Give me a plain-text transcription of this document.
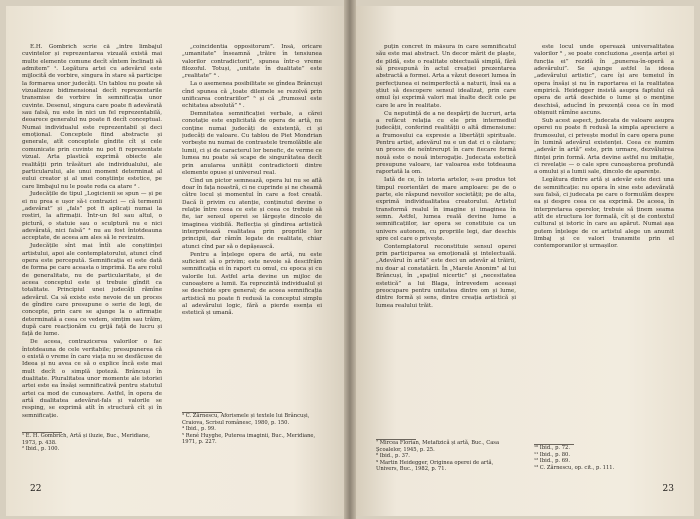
E.H. Gombrich scrie că „între limbajul cuvintelor și reprezentarea vizuală există mai multe elemente comune decît sîntem înclinați să admitem” ¹. Legătura artei cu adevărul este mijlocită de vorbire, singura în stare să participe la formarea unor judecăți. Un tablou nu poate să vizualizeze bidimensional decît reprezentarile transmise de vorbire în semnificația unor cuvinte. Desenul, singura care poate fi adevărată sau falsă, nu este în nici un fel reprezentabilă, deoarece generalul nu poate fi decît conceptual. Numai individualul este reprezentabil și deci emoțional. Conceptele fiind abstracte și generale, atît conceptele gîndite cît și cele comunicate prin cuvinte nu pot fi reprezentate vizual. Arta plastică exprimă obiecte ale realității prin trăsături ale individualului, ale particularului, ale unui moment determinat al eului creator și al unei conștiințe estetice, pe care limbajul nu le poate reda ca atare ² .

Judecățile de tipul „Logicienii se spun — și pe ei nu prea e ușor să-i contrazici — că termenii „adevărat” și „fals” pot fi aplicați numai la rostiri, la afirmații. Într-un fel sau altul, o pictură, o statuie sau o sculptură nu e nici adevărată, nici falsă” ³ nu au fost întotdeauna acceptate, de aceea am ales să le revizuim.

Judecățile sînt mai întîi ale conștiinței artistului, apoi ale contemplatorului, atunci cînd opera este percepută. Semnificația ei este dată de forma pe care aceasta o imprimă. Ea are rolul de generalitate, nu de particularitate, și de aceea conceptul este și trebuie gîndit ca totalitate. Principiul unei judecăți rămîne adevărul. Ca să existe este nevoie de un proces de gîndire care presupune o serie de legi, de concepte, prin care se ajunge la o afirmație determinată a ceea ce vedem, simțim sau trăim, după care reacționăm cu grijă față de lucru și față de lume.

De aceea, contrazicerea valorilor o fac întotdeauna de cele veritabile; presupunerea că o există o vreme în care viața nu se desfăcuse de Ideea și nu avea ce să o explice încă este mai mult decît o simplă ipoteză. Brâncuși în dualitate. Pluralitatea unor momente ale istoriei artei este ea însăși semnificativă pentru statutul artei ca mod de cunoaștere. Astfel, în opera de artă dualitatea adevărat-fals și valorile se resping, se exprimă atît în structură cît și în semnificație.

¹ E. H. Gombrich, Artă și iluzie, Buc., Meridiane, 1973, p. 438.
² Ibid., p. 100.

„coincidentia oppositorum”. Însă, oricare „umanitate” înseamnă „trăire în tensiunea valorilor contradictorii”, spunea într-o vreme filozoful. Totuși, „unitate în dualitate” este „realitate” ⁴ .

La o asemenea posibilitate se gîndea Brâncuși cînd spunea că „toate dilemele se rezolvă prin unificarea contrariilor” ⁵ și că „frumosul este echitatea absolută” ⁶ .

Demnitatea semnificației verbale, a cărei conotație este explicitată de opera de artă, nu conține numai judecăți de existență, ci și judecăți de valoare. Cu tablou de Piet Mondrian vorbește nu numai de contrastele tremolăbile ale lumii, ci și de caracterul lor benefic, de verme ce lumea nu poate să scape de singurătatea decît prin anularea unității contradictorii dintre elemente opuse și universul real.

Cînd un pictor semnează, opera lui nu se află doar în fața noastră, ci ne cuprinde și ne cheamă către locul și momentul în care a fost creată. Dacă îi privim cu atenție, conținutul devine o relație între ceea ce este și ceea ce trebuie să fie, iar sensul operei se lărgește dincolo de imaginea vizibilă. Reflecția și gîndirea artistică interpretează realitatea prin propriile lor principii, dar rămîn legate de realitate, chiar atunci cînd par să o depășească.

Pentru a înțelege opera de artă, nu este suficient să o privim; este nevoie să descifrăm semnificația ei în raport cu omul, cu epoca și cu valorile lui. Astfel arta devine un mijloc de cunoaștere a lumii. Ea reprezintă individualul și se deschide spre general; de aceea semnificația artistică nu poate fi redusă la conceptul simplu al adevărului logic, fără a pierde esența ei estetică și umană.

³ C. Zărnescu, Aforismele și textele lui Brâncuși, Craiova, Scrisul românesc, 1980, p. 150.
⁴ Ibid., p. 99.
⁵ René Huyghe, Puterea imaginii, Buc., Meridiane, 1971, p. 227.
22

puțin concret în măsura în care semnificatul său este mai abstract. Un decor mărit de plaște, de pildă, este o realitate obiectuală simplă, fără să presupună în actul creației prezentarea abstractă a formei. Arta a văzut deseori lumea în perfecțiunea ei neimperfectă a naturii, însă ea a știut să descopere sensul idealizat, prin care omul își exprimă valori mai înalte decît cele pe care le are în realitate.

Cu neputință de a ne despărți de lucruri, arta a refăcut relația cu ele prin intermediul judecății, conferind realității o altă dimensiune: a frumosului ca expresie a libertății spirituale. Pentru artist, adevărul nu e un dat ci o căutare; un proces de neîntrerupt în care fiecare formă nouă este o nouă interogație. Judecata estetică presupune valoare, iar valoarea este totdeauna raportată la om.

Iată de ce, în istoria artelor, s-au produs tot timpul reorientări de mare amploare: pe de o parte, ele răspund nevoilor societății; pe de alta, exprimă individualitatea creatorului. Artistul transformă realul în imagine și imaginea în semn. Astfel, lumea reală devine lume a semnificațiilor, iar opera se constituie ca un univers autonom, cu propriile legi, dar deschis spre cel care o privește.

Contemplatorul reconstituie sensul operei prin participarea sa emoțională și intelectuală. „Adevărul în artă” este deci un adevăr al trăirii, nu doar al constatării. În „Marele Anonim” al lui Brâncuși, în „spațiul nicertic” și „necesitatea estetică” a lui Blaga, întrevedem aceeași preocupare pentru unitatea dintre om și lume, dintre formă și sens, dintre creația artistică și lumea realului trăit.

⁷ Mircea Florian, Metafizică și artă, Buc., Casa Școalelor, 1945, p. 25.
⁸ Ibid., p. 37.
⁹ Martin Heidegger, Originea operei de artă, Univers, Buc., 1982, p. 71.

este locul unde operează universalitatea valorilor ⁶ , se poate concluziona „esența artei și funcția ei” rezidă în „punerea-în-operă a adevărului”. Se ajunge astfel la ideea „adevărului artistic”, care își are temeiul în opera însăși și nu în raportarea ei la realitatea empirică. Heidegger insistă asupra faptului că opera de artă deschide o lume și o menține deschisă, aducînd în prezență ceea ce în mod obișnuit rămîne ascuns.

Sub acest aspect, judecata de valoare asupra operei nu poate fi redusă la simpla apreciere a frumosului, ci privește modul în care opera pune în lumină adevărul existenței. Ceea ce numim „adevăr în artă” este, prin urmare, dezvăluirea ființei prin formă. Arta devine astfel nu imitație, ci revelație — o cale spre cunoașterea profundă a omului și a lumii sale, dincolo de aparențe.

Legătura dintre artă și adevăr este deci una de semnificație: nu opera în sine este adevărată sau falsă, ci judecata pe care o formulăm despre ea și despre ceea ce ea exprimă. De aceea, în interpretarea operelor, trebuie să ținem seama atît de structura lor formală, cît și de contextul cultural și istoric în care au apărut. Numai așa putem înțelege de ce artistul alege un anumit limbaj și ce valori transmite prin el contemporanilor și urmașilor.

¹⁰ Ibid., p. 72.
¹¹ Ibid., p. 80.
¹² Ibid., p. 69.
¹³ C. Zărnescu, op. cit., p. 111.
23
